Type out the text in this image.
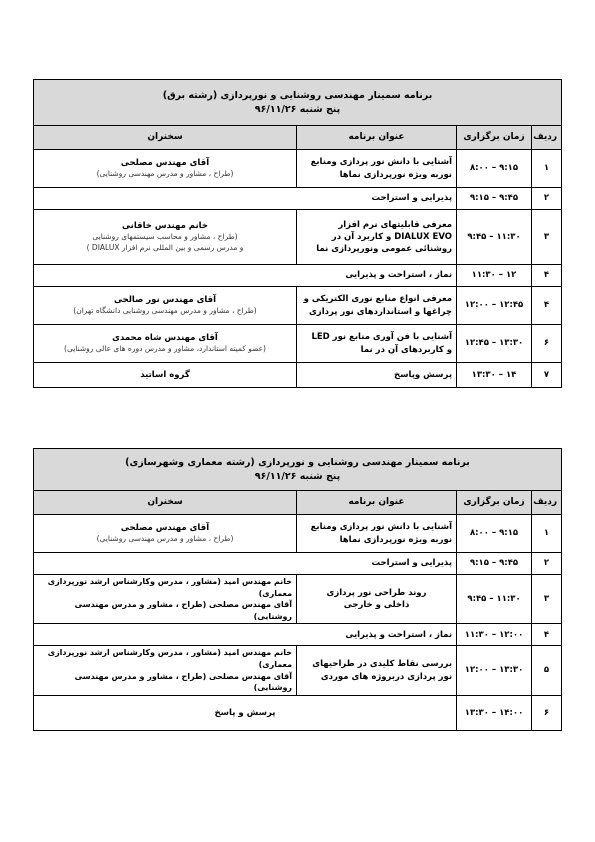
برنامه سمینار مهندسی روشنایی و نورپردازی (رشته برق)
پنج شنبه ۹۶/۱۱/۲۶			
ردیف	زمان برگزاری	عنوان برنامه	سخنران
۱	۸:۰۰ – ۹:۱۵	آشنایی با دانش نور پردازی ومنابع
نوربه ویژه نورپردازی نماها	آقای مهندس مصلحی
(طراح ، مشاور و مدرس مهندسی روشنایی)

۲	۹:۱۵ – ۹:۴۵	پذیرایی و استراحت	
۳	۹:۴۵ – ۱۱:۳۰	معرفی قابلیتهای نرم افزار
DIALUX EVO و کاربرد آن در
روشنائی عمومی ونورپردازی نما	خانم مهندس خاقانی
(طراح ، مشاور و محاسب سیستمهای روشنایی
و مدرس رسمی و بین المللی نرم افزار DIALUX )

۴	۱۱:۳۰ – ۱۲	نماز ، استراحت و پذیرایی	
۴	۱۲:۰۰ – ۱۲:۴۵	معرفی انواع منابع نوری الکتریکی و
چراغها و استانداردهای نور پردازی	آقای مهندس نور صالحی
(طراح ، مشاور و مدرس مهندسی روشنایی دانشگاه تهران)

۶	۱۲:۴۵ – ۱۳:۳۰	آشنایی با فن آوری منابع نور LED
و کاربردهای آن در نما	آقای مهندس شاه محمدی
(عضو کمیته استاندارد، مشاور و مدرس دوره های عالی روشنایی)

۷	۱۳:۳۰ – ۱۴	پرسش وپاسخ	گروه اساتید
برنامه سمینار مهندسی روشنایی و نورپردازی (رشته معماری وشهرسازی)
پنج شنبه ۹۶/۱۱/۲۶			
ردیف	زمان برگزاری	عنوان برنامه	سخنران
۱	۸:۰۰ – ۹:۱۵	آشنایی با دانش نور پردازی ومنابع
نوربه ویژه نورپردازی نماها	آقای مهندس مصلحی
(طراح ، مشاور و مدرس مهندسی روشنایی)

۲	۹:۱۵ – ۹:۴۵	پذیرایی و استراحت	
۳	۹:۴۵ – ۱۱:۳۰	روند طراحی نور پردازی
داخلی و خارجی	خانم مهندس امید (مشاور ، مدرس وکارشناس ارشد نورپردازی معماری)
آقای مهندس مصلحی (طراح ، مشاور و مدرس مهندسی روشنایی)

۴	۱۱:۳۰ – ۱۲:۰۰	نماز ، استراحت و پذیرایی	
۵	۱۲:۰۰ – ۱۳:۳۰	بررسی نقاط کلیدی در طراحیهای
نور پردازی دربروژه های موردی	خانم مهندس امید (مشاور ، مدرس وکارشناس ارشد نورپردازی معماری)
آقای مهندس مصلحی (طراح ، مشاور و مدرس مهندسی روشنایی)

۶	۱۳:۳۰ – ۱۴:۰۰	پرسش و پاسخ	
